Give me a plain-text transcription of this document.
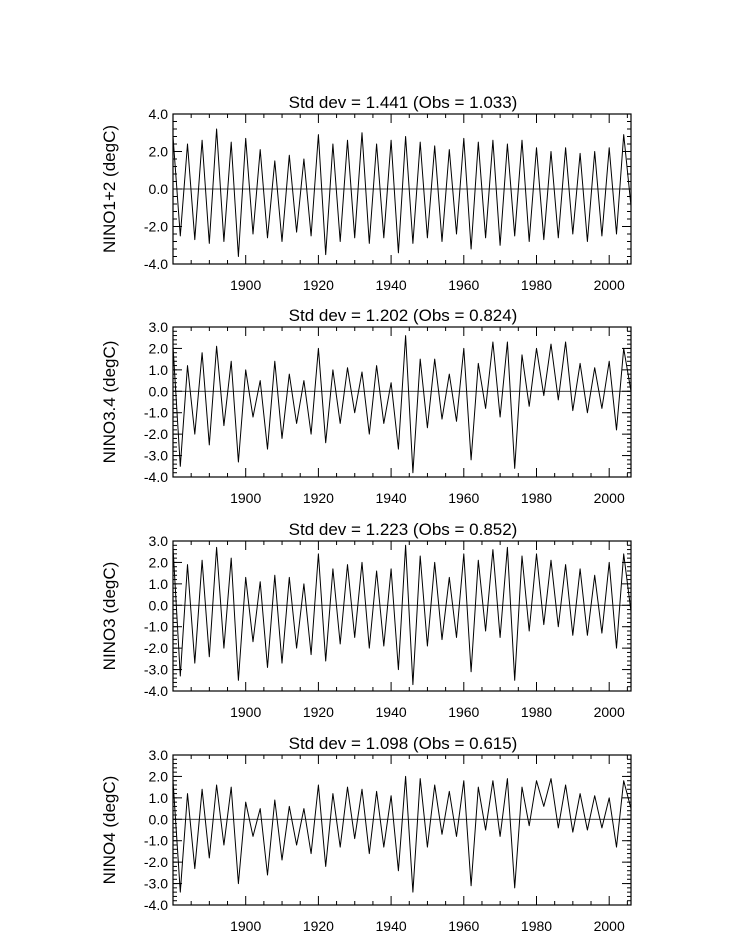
Std dev = 1.441 (Obs = 1.033)
NINO1+2 (degC)
1900	1920	1940	1960	1980	2000
-4.0
-2.0
0.0
2.0
4.0
Std dev = 1.202 (Obs = 0.824)
NINO3.4 (degC)
1900	1920	1940	1960	1980	2000
-4.0
-3.0
-2.0
-1.0
0.0
1.0
2.0
3.0
Std dev = 1.223 (Obs = 0.852)
NINO3 (degC)
1900	1920	1940	1960	1980	2000
-4.0
-3.0
-2.0
-1.0
0.0
1.0
2.0
3.0
Std dev = 1.098 (Obs = 0.615)
NINO4 (degC)
1900	1920	1940	1960	1980	2000
-4.0
-3.0
-2.0
-1.0
0.0
1.0
2.0
3.0
